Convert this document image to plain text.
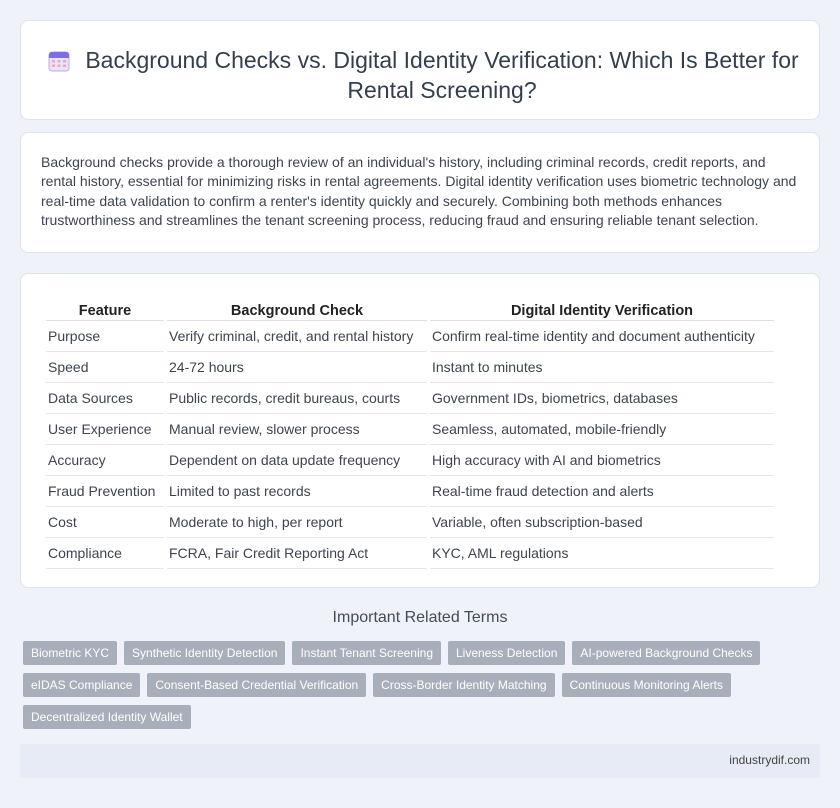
Background Checks vs. Digital Identity Verification: Which Is Better for Rental Screening?

Background checks provide a thorough review of an individual's history, including criminal records, credit reports, and rental history, essential for minimizing risks in rental agreements. Digital identity verification uses biometric technology and real-time data validation to confirm a renter's identity quickly and securely. Combining both methods enhances trustworthiness and streamlines the tenant screening process, reducing fraud and ensuring reliable tenant selection.

Feature	Background Check	Digital Identity Verification
Purpose	Verify criminal, credit, and rental history	Confirm real-time identity and document authenticity
Speed	24-72 hours	Instant to minutes
Data Sources	Public records, credit bureaus, courts	Government IDs, biometrics, databases
User Experience	Manual review, slower process	Seamless, automated, mobile-friendly
Accuracy	Dependent on data update frequency	High accuracy with AI and biometrics
Fraud Prevention	Limited to past records	Real-time fraud detection and alerts
Cost	Moderate to high, per report	Variable, often subscription-based
Compliance	FCRA, Fair Credit Reporting Act	KYC, AML regulations
Important Related Terms
Biometric KYC	Synthetic Identity Detection	Instant Tenant Screening	Liveness Detection	AI-powered Background Checks
eIDAS Compliance	Consent-Based Credential Verification	Cross-Border Identity Matching	Continuous Monitoring Alerts
Decentralized Identity Wallet
industrydif.com
